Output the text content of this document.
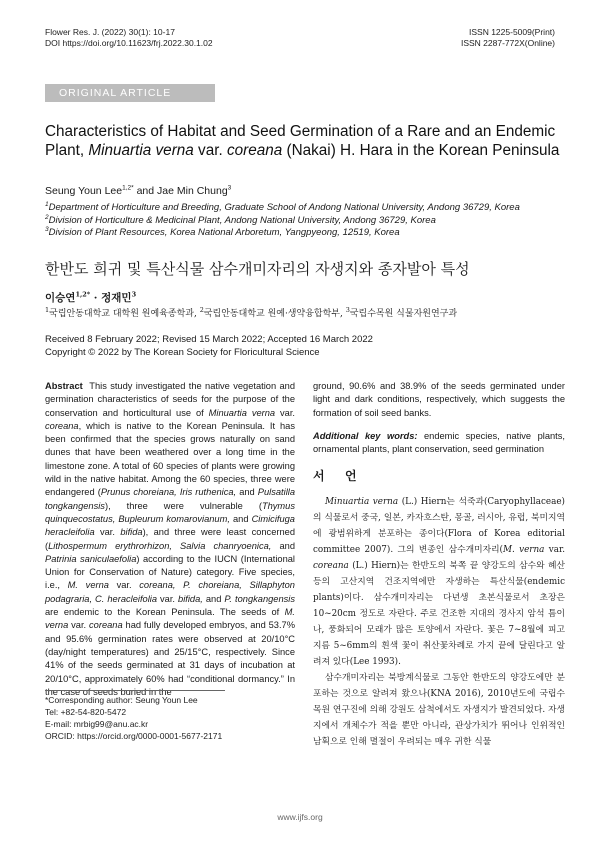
Flower Res. J. (2022) 30(1): 10-17
DOI https://doi.org/10.11623/frj.2022.30.1.02
ISSN 1225-5009(Print)
ISSN 2287-772X(Online)
ORIGINAL ARTICLE
Characteristics of Habitat and Seed Germination of a Rare and an Endemic Plant, Minuartia verna var. coreana (Nakai) H. Hara in the Korean Peninsula
Seung Youn Lee$^{1,2*}$ and Jae Min Chung$^3$
$^1$Department of Horticulture and Breeding, Graduate School of Andong National University, Andong 36729, Korea
$^2$Division of Horticulture & Medicinal Plant, Andong National University, Andong 36729, Korea
$^3$Division of Plant Resources, Korea National Arboretum, Yangpyeong, 12519, Korea
한반도 희귀 및 특산식물 삼수개미자리의 자생지와 종자발아 특성
이승연$^{1,2*}$ · 정재민$^3$
$^1$국립안동대학교 대학원 원예육종학과, $^2$국립안동대학교 원예·생약융합학부, $^3$국립수목원 식물자원연구과
Received 8 February 2022; Revised 15 March 2022; Accepted 16 March 2022
Copyright © 2022 by The Korean Society for Floricultural Science

Abstract  This study investigated the native vegetation and germination characteristics of seeds for the purpose of the conservation and horticultural use of Minuartia verna var. coreana, which is native to the Korean Peninsula. It has been confirmed that the species grows naturally on sand dunes that have been weathered over a long time in the limestone zone. A total of 60 species of plants were growing wild in the native habitat. Among the 60 species, three were endangered (Prunus choreiana, Iris ruthenica, and Pulsatilla tongkangensis), three were vulnerable (Thymus quinquecostatus, Bupleurum komarovianum, and Cimicifuga heracleifolia var. bifida), and three were least concerned (Lithospermum erythrorhizon, Salvia chanryoenica, and Patrinia saniculaefolia) according to the IUCN (International Union for Conservation of Nature) category. Five species, i.e., M. verna var. coreana, P. choreiana, Sillaphyton podagraria, C. heracleifolia var. bifida, and P. tongkangensis are endemic to the Korean Peninsula. The seeds of M. verna var. coreana had fully developed embryos, and 53.7% and 95.6% germination rates were observed at 20/10°C (day/night temperatures) and 25/15°C, respectively. Since 41% of the seeds germinated at 31 days of incubation at 20/10°C, approximately 60% had “conditional dormancy.” In the case of seeds buried in the

ground, 90.6% and 38.9% of the seeds germinated under light and dark conditions, respectively, which suggests the formation of soil seed banks.

Additional key words: endemic species, native plants, ornamental plants, plant conservation, seed germination

서  언

Minuartia verna (L.) Hiern는 석죽과(Caryophyllaceae)의 식물로서 중국, 일본, 카자흐스탄, 몽골, 러시아, 유럽, 북미지역에 광범위하게 분포하는 종이다(Flora of Korea editorial committee 2007). 그의 변종인 삼수개미자리(M. verna var. coreana (L.) Hiern)는 한반도의 북쪽 끝 양강도의 삼수와 혜산 등의 고산지역 건조지역에만 자생하는 특산식물(endemic plants)이다. 삼수개미자리는 다년생 초본식물로서 초장은 10~20cm 정도로 자란다. 주로 건조한 지대의 경사지 암석 틈이나, 풍화되어 모래가 많은 토양에서 자란다. 꽃은 7~8월에 피고 지름 5~6mm의 흰색 꽃이 취산꽃차례로 가지 끝에 달린다고 알려져 있다(Lee 1993).

삼수개미자리는 북방계식물로 그동안 한반도의 양강도에만 분포하는 것으로 알려져 왔으나(KNA 2016), 2010년도에 국립수목원 연구진에 의해 강원도 삼척에서도 자생지가 발견되었다. 자생지에서 개체수가 적을 뿐만 아니라, 관상가치가 뛰어나 인위적인 남획으로 인해 멸절이 우려되는 매우 귀한 식물

*Corresponding author: Seung Youn Lee
Tel: +82-54-820-5472
E-mail: mrbig99@anu.ac.kr
ORCID: https://orcid.org/0000-0001-5677-2171
www.ijfs.org
